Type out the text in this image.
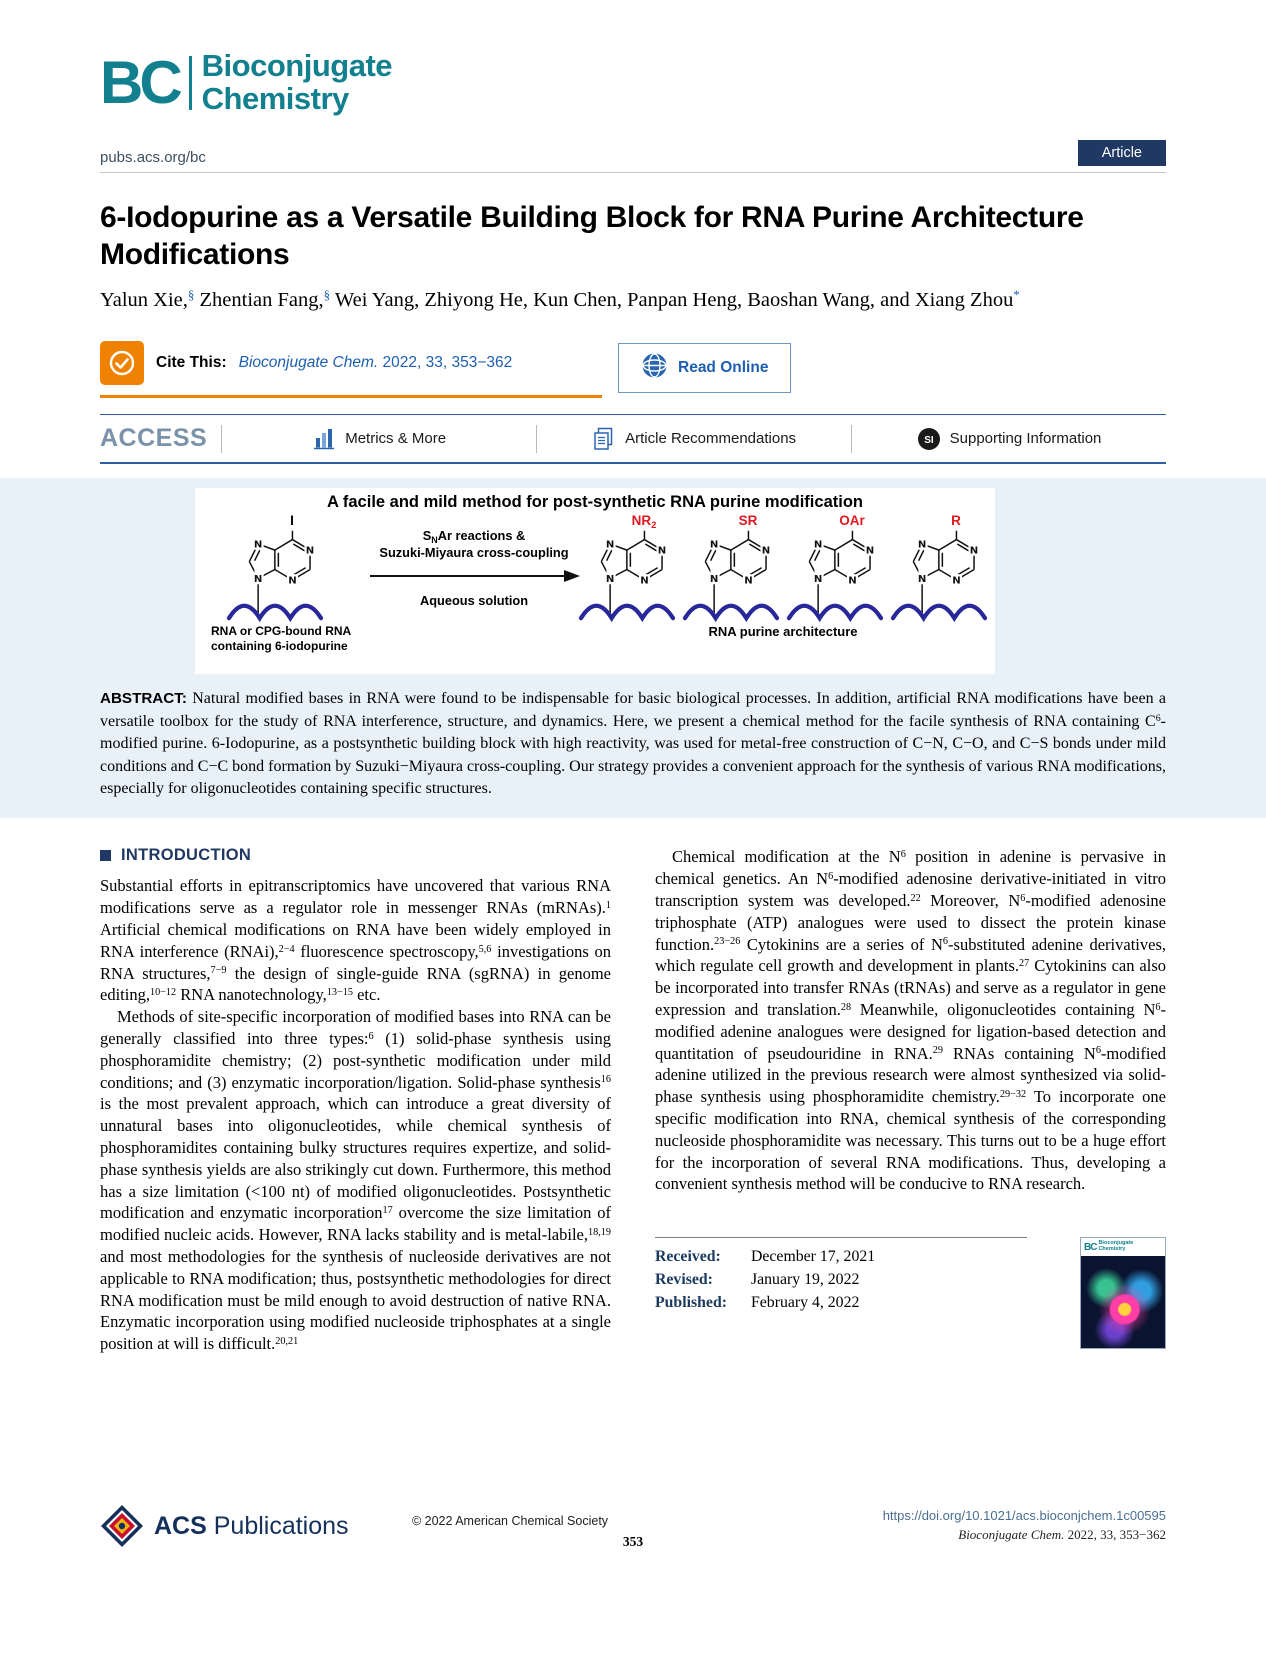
BC Bioconjugate
Chemistry
pubs.acs.org/bc	Article
6-Iodopurine as a Versatile Building Block for RNA Purine Architecture Modifications

Yalun Xie,§ Zhentian Fang,§ Wei Yang, Zhiyong He, Kun Chen, Panpan Heng, Baoshan Wang, and Xiang Zhou*

Cite This: Bioconjugate Chem. 2022, 33, 353−362	Read Online
ACCESS	Metrics & More	Article Recommendations	SI Supporting Information
A facile and mild method for post-synthetic RNA purine modification
I
RNA or CPG-bound RNA
containing 6-iodopurine
$S_NAr$ reactions &
Suzuki-Miyaura cross-coupling
Aqueous solution
$NR_2$	SR	OAr	R
RNA purine architecture

ABSTRACT: Natural modified bases in RNA were found to be indispensable for basic biological processes. In addition, artificial RNA modifications have been a versatile toolbox for the study of RNA interference, structure, and dynamics. Here, we present a chemical method for the facile synthesis of RNA containing $C^6$-modified purine. 6-Iodopurine, as a postsynthetic building block with high reactivity, was used for metal-free construction of C−N, C−O, and C−S bonds under mild conditions and C−C bond formation by Suzuki−Miyaura cross-coupling. Our strategy provides a convenient approach for the synthesis of various RNA modifications, especially for oligonucleotides containing specific structures.

INTRODUCTION

Substantial efforts in epitranscriptomics have uncovered that various RNA modifications serve as a regulator role in messenger RNAs (mRNAs).$^1$ Artificial chemical modifications on RNA have been widely employed in RNA interference (RNAi),$^{2-4}$ fluorescence spectroscopy,$^{5,6}$ investigations on RNA structures,$^{7-9}$ the design of single-guide RNA (sgRNA) in genome editing,$^{10-12}$ RNA nanotechnology,$^{13-15}$ etc.

Methods of site-specific incorporation of modified bases into RNA can be generally classified into three types:$^6$ (1) solid-phase synthesis using phosphoramidite chemistry; (2) post-synthetic modification under mild conditions; and (3) enzymatic incorporation/ligation. Solid-phase synthesis$^{16}$ is the most prevalent approach, which can introduce a great diversity of unnatural bases into oligonucleotides, while chemical synthesis of phosphoramidites containing bulky structures requires expertize, and solid-phase synthesis yields are also strikingly cut down. Furthermore, this method has a size limitation (<100 nt) of modified oligonucleotides. Postsynthetic modification and enzymatic incorporation$^{17}$ overcome the size limitation of modified nucleic acids. However, RNA lacks stability and is metal-labile,$^{18,19}$ and most methodologies for the synthesis of nucleoside derivatives are not applicable to RNA modification; thus, postsynthetic methodologies for direct RNA modification must be mild enough to avoid destruction of native RNA. Enzymatic incorporation using modified nucleoside triphosphates at a single position at will is difficult.$^{20,21}$

Chemical modification at the $N^6$ position in adenine is pervasive in chemical genetics. An $N^6$-modified adenosine derivative-initiated in vitro transcription system was developed.$^{22}$ Moreover, $N^6$-modified adenosine triphosphate (ATP) analogues were used to dissect the protein kinase function.$^{23-26}$ Cytokinins are a series of $N^6$-substituted adenine derivatives, which regulate cell growth and development in plants.$^{27}$ Cytokinins can also be incorporated into transfer RNAs (tRNAs) and serve as a regulator in gene expression and translation.$^{28}$ Meanwhile, oligonucleotides containing $N^6$-modified adenine analogues were designed for ligation-based detection and quantitation of pseudouridine in RNA.$^{29}$ RNAs containing $N^6$-modified adenine utilized in the previous research were almost synthesized via solid-phase synthesis using phosphoramidite chemistry.$^{29-32}$ To incorporate one specific modification into RNA, chemical synthesis of the corresponding nucleoside phosphoramidite was necessary. This turns out to be a huge effort for the incorporation of several RNA modifications. Thus, developing a convenient synthesis method will be conducive to RNA research.

Received:	December 17, 2021
Revised:	January 19, 2022
Published:	February 4, 2022
BC Bioconjugate
Chemistry
ACS Publications	© 2022 American Chemical Society
353
https://doi.org/10.1021/acs.bioconjchem.1c00595
Bioconjugate Chem. 2022, 33, 353−362
